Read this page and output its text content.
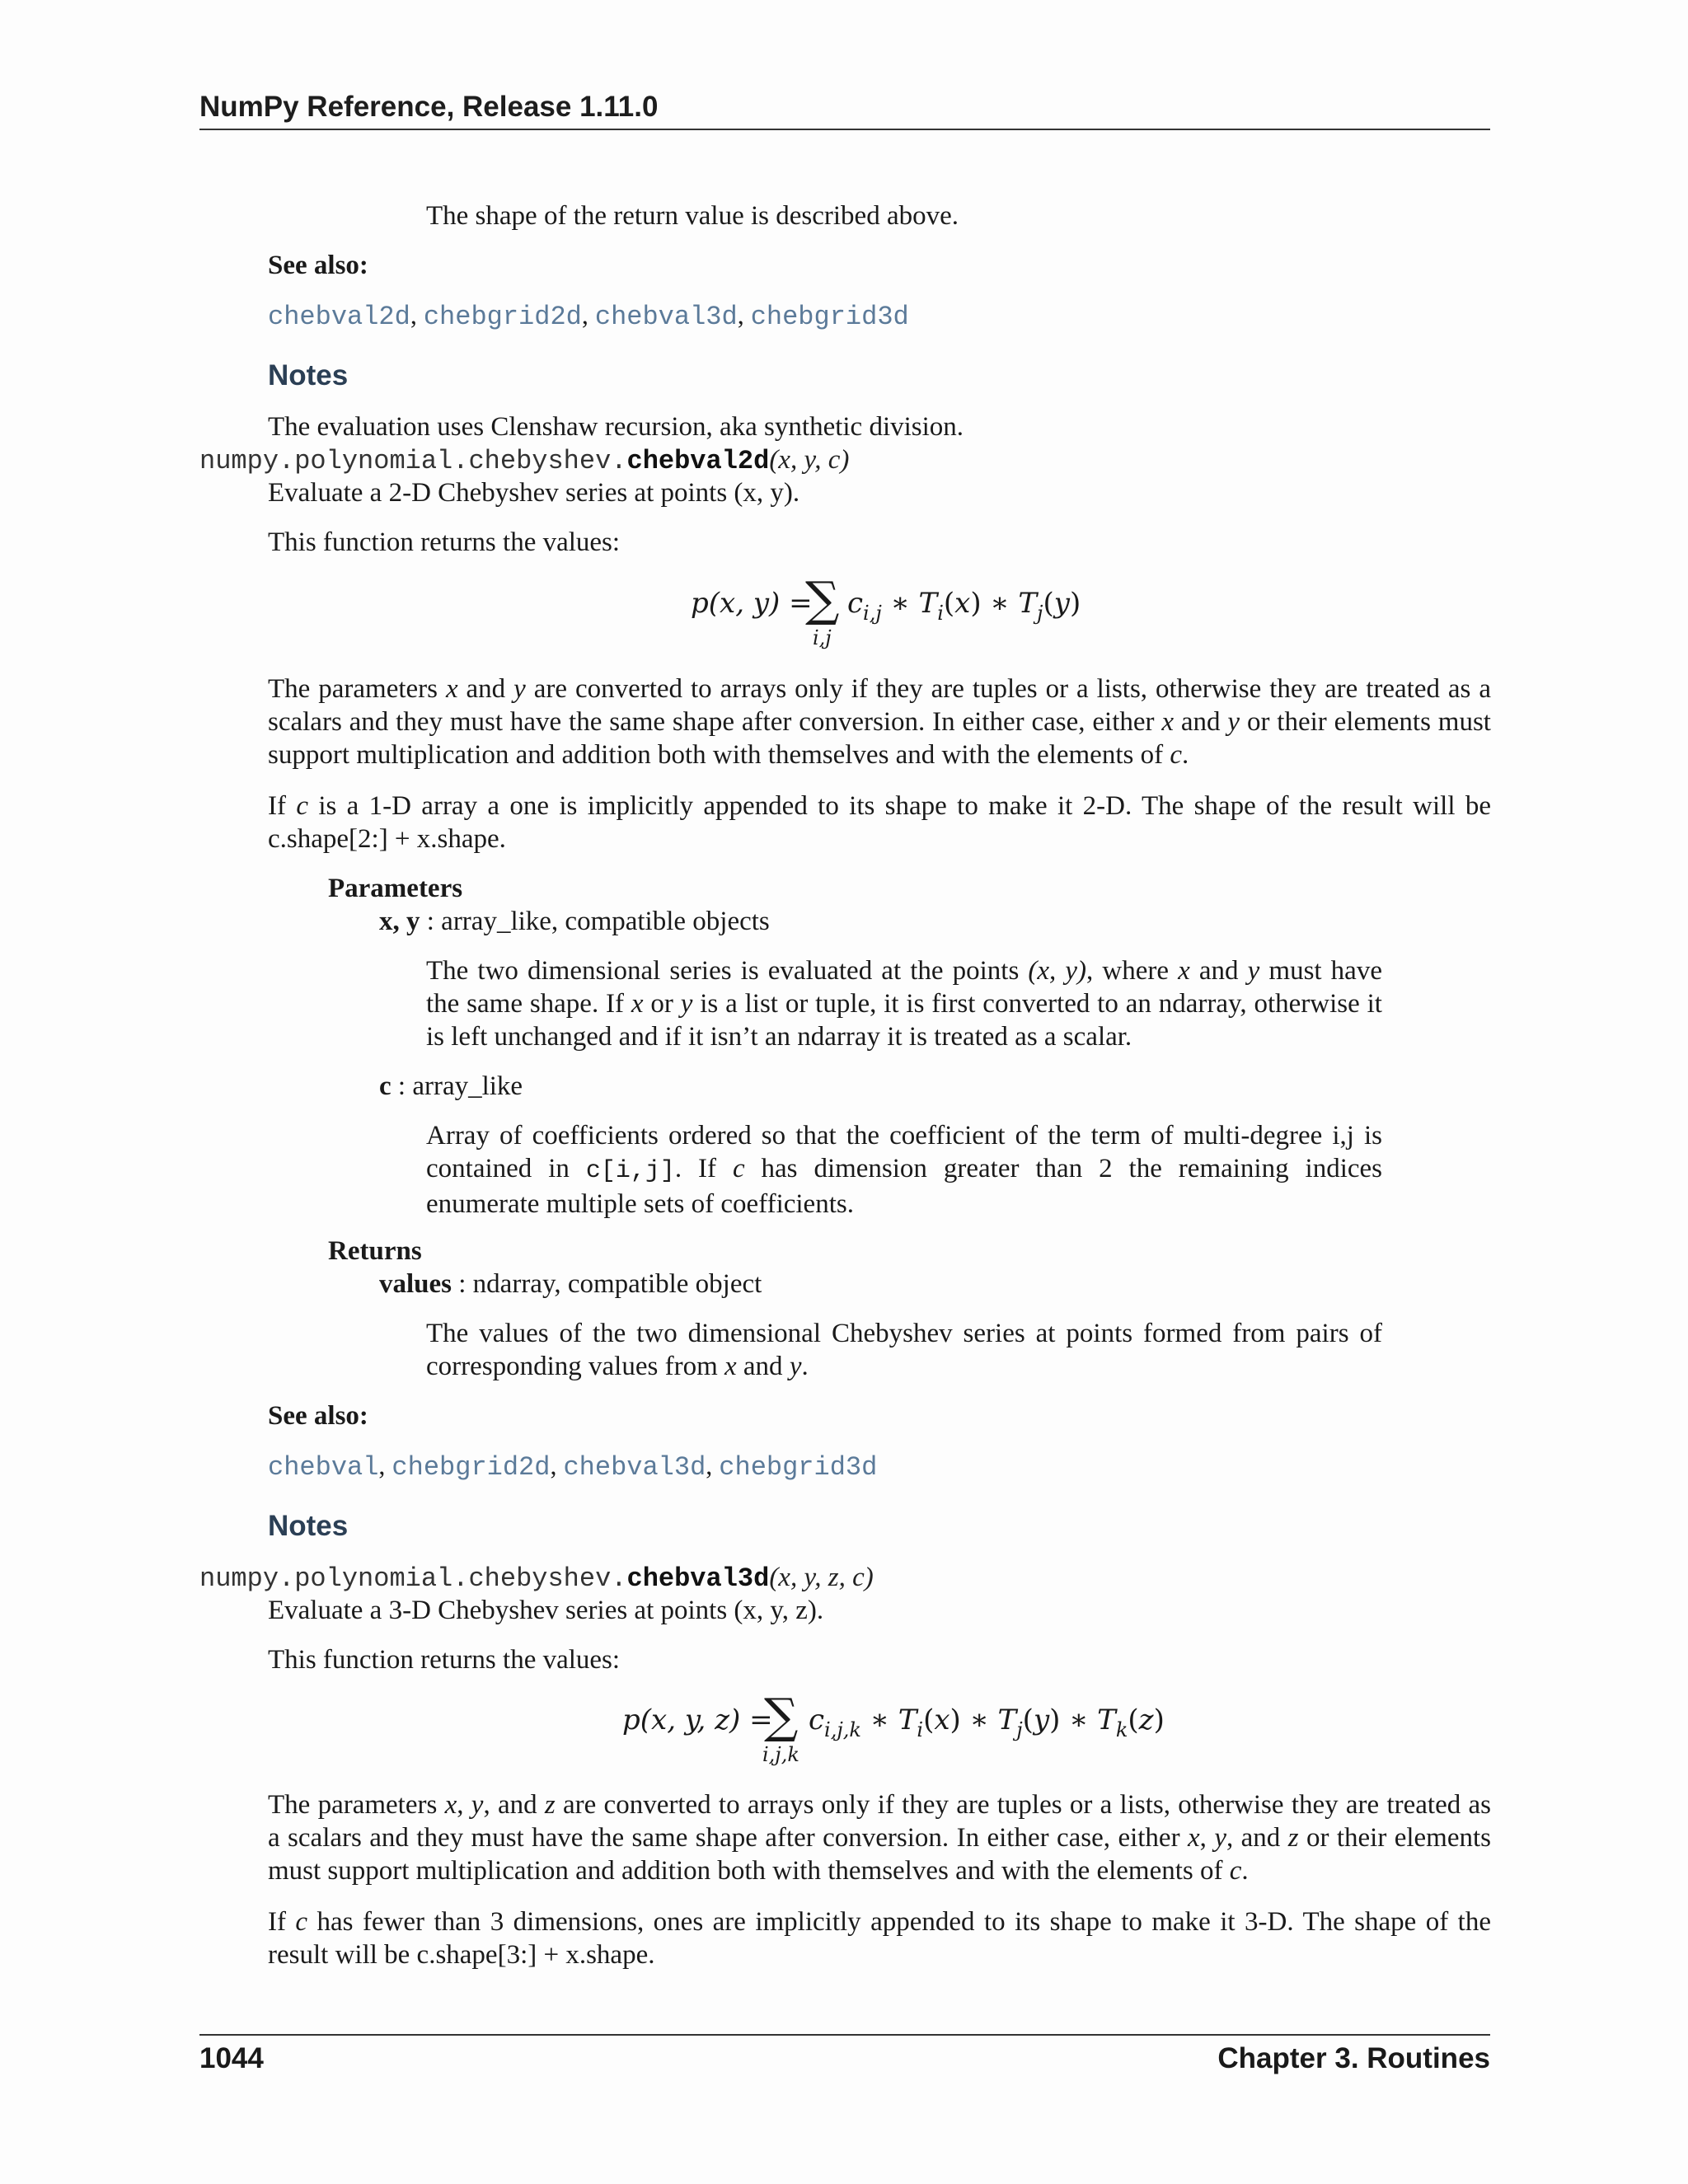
NumPy Reference, Release 1.11.0
The shape of the return value is described above.
See also:
chebval2d, chebgrid2d, chebval3d, chebgrid3d
Notes
The evaluation uses Clenshaw recursion, aka synthetic division.
numpy.polynomial.chebyshev.chebval2d(x, y, c)
Evaluate a 2-D Chebyshev series at points (x, y).
This function returns the values:
p(x, y) =
∑
i,j
$c_{i,j}$ ∗ $T_i(x)$ ∗ $T_j(y)$
The parameters x and y are converted to arrays only if they are tuples or a lists, otherwise they are treated as a scalars and they must have the same shape after conversion. In either case, either x and y or their elements must support multiplication and addition both with themselves and with the elements of c.
If c is a 1-D array a one is implicitly appended to its shape to make it 2-D. The shape of the result will be c.shape[2:] + x.shape.
Parameters
x, y : array_like, compatible objects
The two dimensional series is evaluated at the points (x, y), where x and y must have the same shape. If x or y is a list or tuple, it is first converted to an ndarray, otherwise it is left unchanged and if it isn’t an ndarray it is treated as a scalar.
c : array_like
Array of coefficients ordered so that the coefficient of the term of multi-degree i,j is contained in c[i,j]. If c has dimension greater than 2 the remaining indices enumerate multiple sets of coefficients.
Returns
values : ndarray, compatible object
The values of the two dimensional Chebyshev series at points formed from pairs of corresponding values from x and y.
See also:
chebval, chebgrid2d, chebval3d, chebgrid3d
Notes
numpy.polynomial.chebyshev.chebval3d(x, y, z, c)
Evaluate a 3-D Chebyshev series at points (x, y, z).
This function returns the values:
p(x, y, z) =
∑
i,j,k
$c_{i,j,k}$ ∗ $T_i(x)$ ∗ $T_j(y)$ ∗ $T_k(z)$
The parameters x, y, and z are converted to arrays only if they are tuples or a lists, otherwise they are treated as a scalars and they must have the same shape after conversion. In either case, either x, y, and z or their elements must support multiplication and addition both with themselves and with the elements of c.
If c has fewer than 3 dimensions, ones are implicitly appended to its shape to make it 3-D. The shape of the result will be c.shape[3:] + x.shape.
1044	Chapter 3. Routines
